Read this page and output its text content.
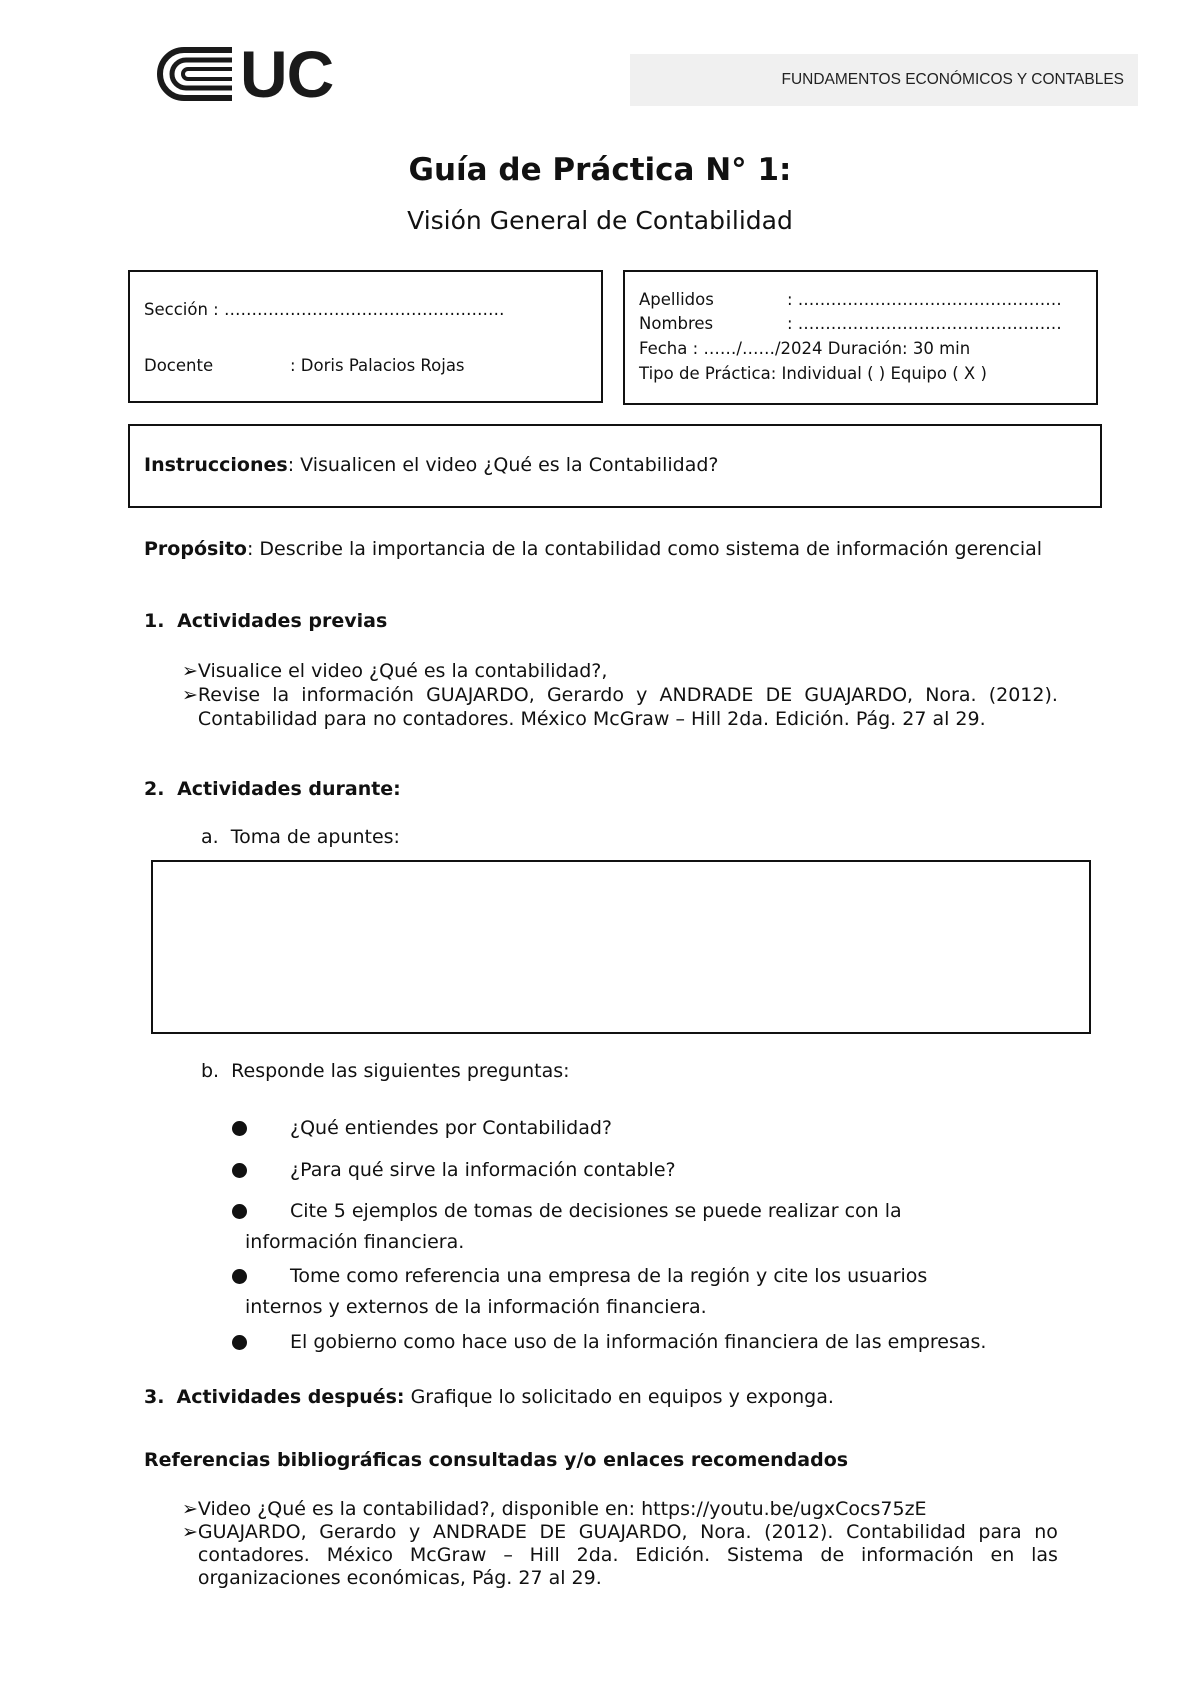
UC	FUNDAMENTOS ECONÓMICOS Y CONTABLES
Guía de Práctica N° 1:
Visión General de Contabilidad
Sección : ……………………………………………
Docente	: Doris Palacios Rojas
Apellidos	: …………………………………………
Nombres	: …………………………………………
Fecha : ……/……/2024 Duración: 30 min
Tipo de Práctica: Individual ( ) Equipo ( X )
Instrucciones: Visualicen el video ¿Qué es la Contabilidad?
Propósito: Describe la importancia de la contabilidad como sistema de información gerencial
1. Actividades previas
➢ Visualice el video ¿Qué es la contabilidad?,
➢ Revise la información GUAJARDO, Gerardo y ANDRADE DE GUAJARDO, Nora. (2012). Contabilidad para no contadores. México McGraw – Hill 2da. Edición. Pág. 27 al 29.
2. Actividades durante:
a. Toma de apuntes:
b. Responde las siguientes preguntas:
¿Qué entiendes por Contabilidad?
¿Para qué sirve la información contable?
Cite 5 ejemplos de tomas de decisiones se puede realizar con la
información financiera.
Tome como referencia una empresa de la región y cite los usuarios
internos y externos de la información financiera.
El gobierno como hace uso de la información financiera de las empresas.
3. Actividades después: Grafique lo solicitado en equipos y exponga.
Referencias bibliográficas consultadas y/o enlaces recomendados
➢ Video ¿Qué es la contabilidad?, disponible en: https://youtu.be/ugxCocs75zE
➢ GUAJARDO, Gerardo y ANDRADE DE GUAJARDO, Nora. (2012). Contabilidad para no contadores. México McGraw – Hill 2da. Edición. Sistema de información en las organizaciones económicas, Pág. 27 al 29.
